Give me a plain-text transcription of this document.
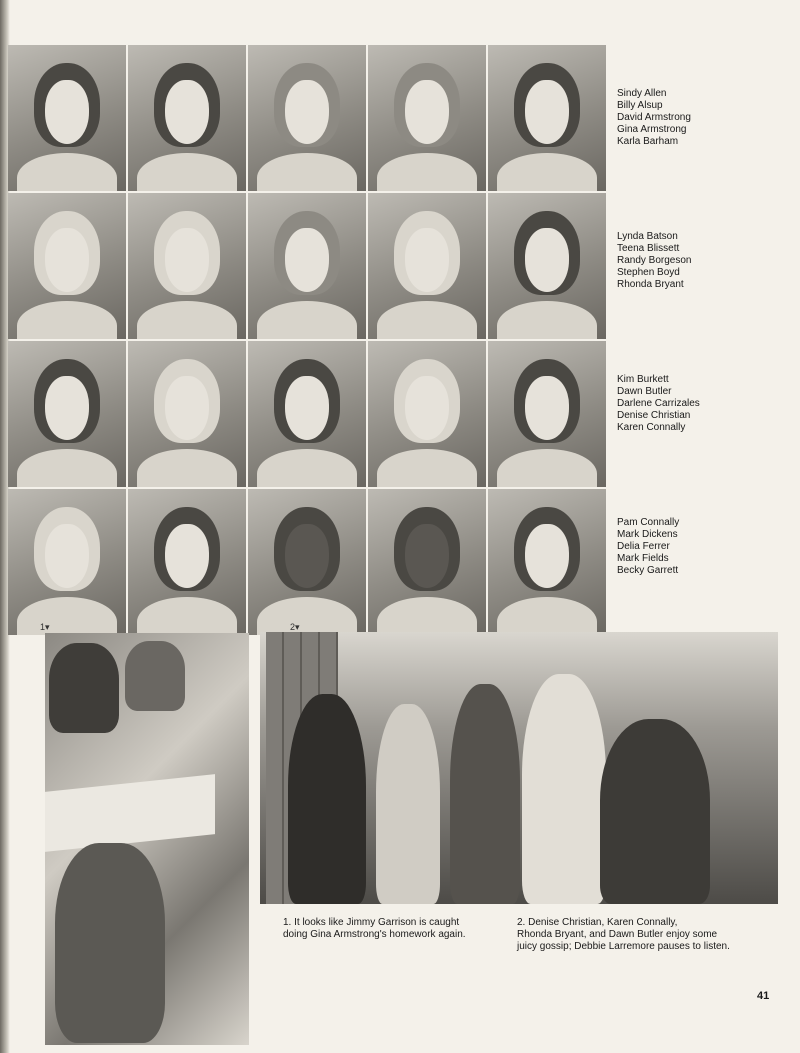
Sindy Allen
Billy Alsup
David Armstrong
Gina Armstrong
Karla Barham
Lynda Batson
Teena Blissett
Randy Borgeson
Stephen Boyd
Rhonda Bryant
Kim Burkett
Dawn Butler
Darlene Carrizales
Denise Christian
Karen Connally
Pam Connally
Mark Dickens
Delia Ferrer
Mark Fields
Becky Garrett
1▾	2▾
1. It looks like Jimmy Garrison is caught
doing Gina Armstrong's homework again.
2. Denise Christian, Karen Connally,
Rhonda Bryant, and Dawn Butler enjoy some
juicy gossip; Debbie Larremore pauses to listen.
41
